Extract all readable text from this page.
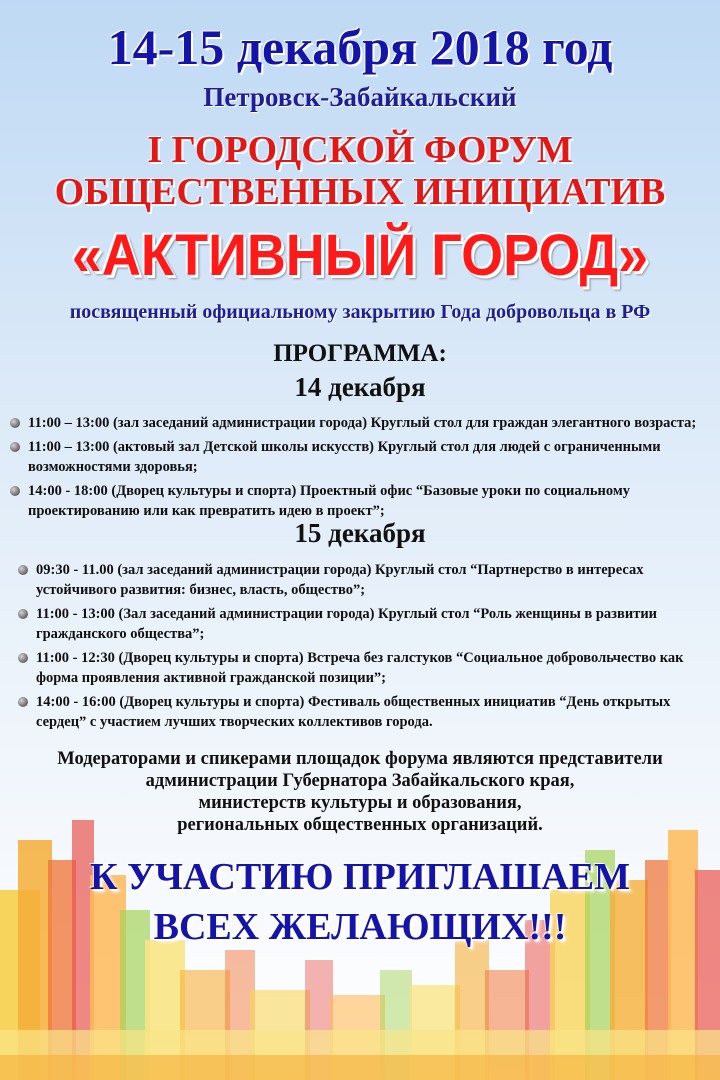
14-15 декабря 2018 год
Петровск-Забайкальский
I ГОРОДСКОЙ ФОРУМ
ОБЩЕСТВЕННЫХ ИНИЦИАТИВ
«АКТИВНЫЙ ГОРОД»
посвященный официальному закрытию Года добровольца в РФ
ПРОГРАММА:
14 декабря
11:00 – 13:00 (зал заседаний администрации города) Круглый стол для граждан элегантного возраста;
11:00 – 13:00 (актовый зал Детской школы искусств) Круглый стол для людей с ограниченными возможностями здоровья;
14:00 - 18:00 (Дворец культуры и спорта) Проектный офис “Базовые уроки по социальному проектированию или как превратить идею в проект”;
15 декабря
09:30 - 11.00 (зал заседаний администрации города) Круглый стол “Партнерство в интересах устойчивого развития: бизнес, власть, общество”;
11:00 - 13:00 (Зал заседаний администрации города) Круглый стол “Роль женщины в развитии гражданского общества”;
11:00 - 12:30 (Дворец культуры и спорта) Встреча без галстуков “Социальное добровольчество как форма проявления активной гражданской позиции”;
14:00 - 16:00 (Дворец культуры и спорта) Фестиваль общественных инициатив “День открытых сердец” с участием лучших творческих коллективов города.
Модераторами и спикерами площадок форума являются представители
администрации Губернатора Забайкальского края,
министерств культуры и образования,
региональных общественных организаций.
К УЧАСТИЮ ПРИГЛАШАЕМ
ВСЕХ ЖЕЛАЮЩИХ!!!
